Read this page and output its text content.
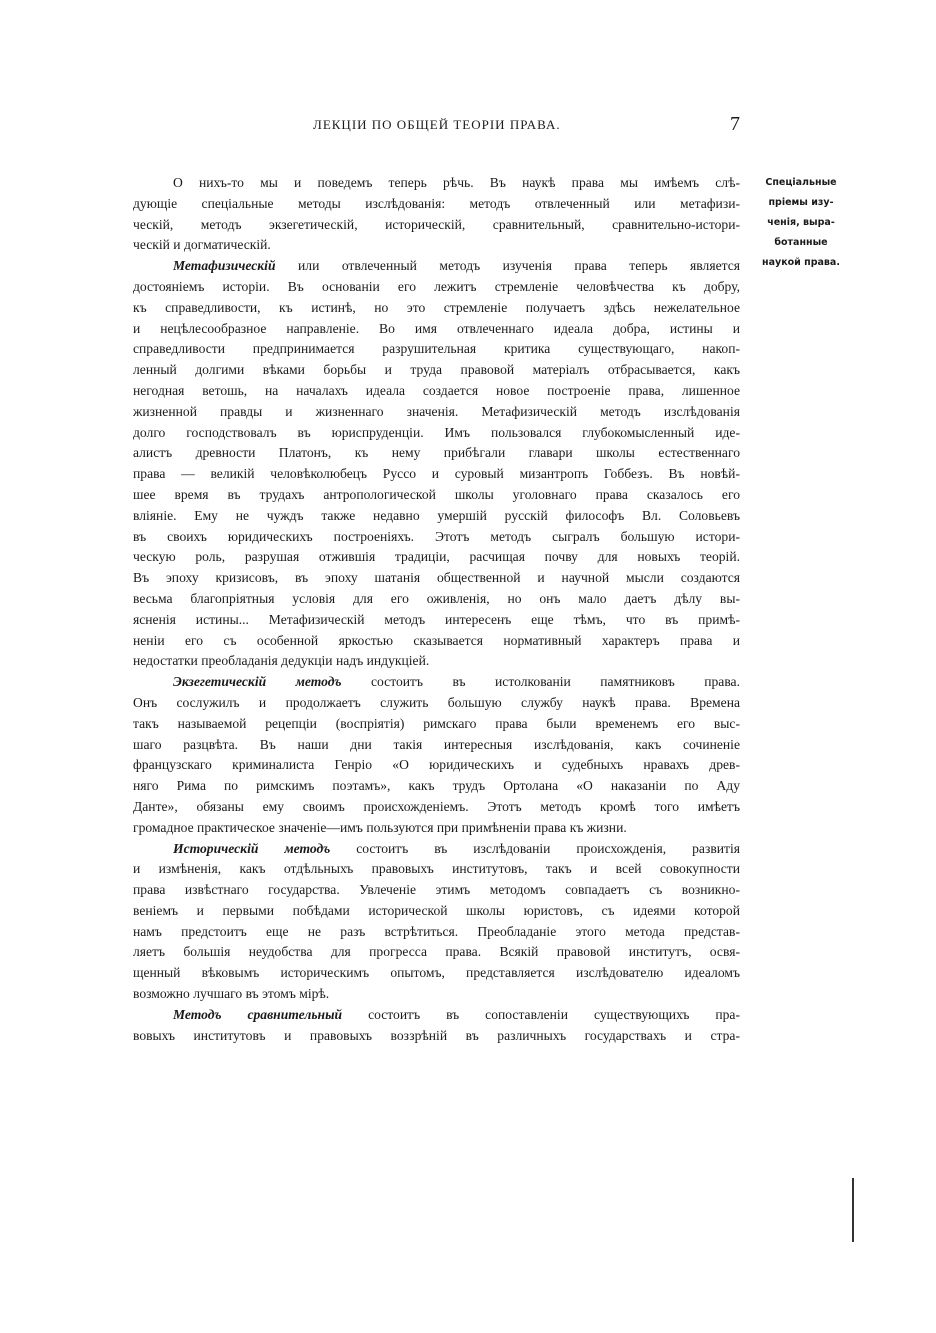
ЛЕКЦІИ ПО ОБЩЕЙ ТЕОРІИ ПРАВА.	7
О нихъ-то мы и поведемъ теперь рѣчь. Въ наукѣ права мы имѣемъ слѣ-
дующіе спеціальные методы изслѣдованія: методъ отвлеченный или метафизи-
ческій, методъ экзегетическій, историческій, сравнительный, сравнительно-истори-
ческій и догматическій.
Метафизическій или отвлеченный методъ изученія права теперь является
достояніемъ исторіи. Въ основаніи его лежитъ стремленіе человѣчества къ добру,
къ справедливости, къ истинѣ, но это стремленіе получаетъ здѣсь нежелательное
и нецѣлесообразное направленіе. Во имя отвлеченнаго идеала добра, истины и
справедливости предпринимается разрушительная критика существующаго, накоп-
ленный долгими вѣками борьбы и труда правовой матеріалъ отбрасывается, какъ
негодная ветошь, на началахъ идеала создается новое построеніе права, лишенное
жизненной правды и жизненнаго значенія. Метафизическій методъ изслѣдованія
долго господствовалъ въ юриспруденціи. Имъ пользовался глубокомысленный иде-
алистъ древности Платонъ, къ нему прибѣгали главари школы естественнаго
права — великій человѣколюбецъ Руссо и суровый мизантропъ Гоббезъ. Въ новѣй-
шее время въ трудахъ антропологической школы уголовнаго права сказалось его
вліяніе. Ему не чуждъ также недавно умершій русскій философъ Вл. Соловьевъ
въ своихъ юридическихъ построеніяхъ. Этотъ методъ сыгралъ большую истори-
ческую роль, разрушая отжившія традиціи, расчищая почву для новыхъ теорій.
Въ эпоху кризисовъ, въ эпоху шатанія общественной и научной мысли создаются
весьма благопріятныя условія для его оживленія, но онъ мало даетъ дѣлу вы-
ясненія истины... Метафизическій методъ интересенъ еще тѣмъ, что въ примѣ-
неніи его съ особенной яркостью сказывается нормативный характеръ права и
недостатки преобладанія дедукціи надъ индукціей.
Экзегетическій методъ состоитъ въ истолкованіи памятниковъ права.
Онъ сослужилъ и продолжаетъ служить большую службу наукѣ права. Времена
такъ называемой рецепціи (воспріятія) римскаго права были временемъ его выс-
шаго разцвѣта. Въ наши дни такія интересныя изслѣдованія, какъ сочиненіе
французскаго криминалиста Генріо «О юридическихъ и судебныхъ нравахъ древ-
няго Рима по римскимъ поэтамъ», какъ трудъ Ортолана «О наказаніи по Аду
Данте», обязаны ему своимъ происхожденіемъ. Этотъ методъ кромѣ того имѣетъ
громадное практическое значеніе—имъ пользуются при примѣненіи права къ жизни.
Историческій методъ состоитъ въ изслѣдованіи происхожденія, развитія
и измѣненія, какъ отдѣльныхъ правовыхъ институтовъ, такъ и всей совокупности
права извѣстнаго государства. Увлеченіе этимъ методомъ совпадаетъ съ возникно-
веніемъ и первыми побѣдами исторической школы юристовъ, съ идеями которой
намъ предстоитъ еще не разъ встрѣтиться. Преобладаніе этого метода представ-
ляетъ большія неудобства для прогресса права. Всякій правовой институтъ, освя-
щенный вѣковымъ историческимъ опытомъ, представляется изслѣдователю идеаломъ
возможно лучшаго въ этомъ мірѣ.
Методъ сравнительный состоитъ въ сопоставленіи существующихъ пра-
вовыхъ институтовъ и правовыхъ воззрѣній въ различныхъ государствахъ и стра-
Спеціальные
пріемы изу-
ченія, выра-
ботанные
наукой права.
